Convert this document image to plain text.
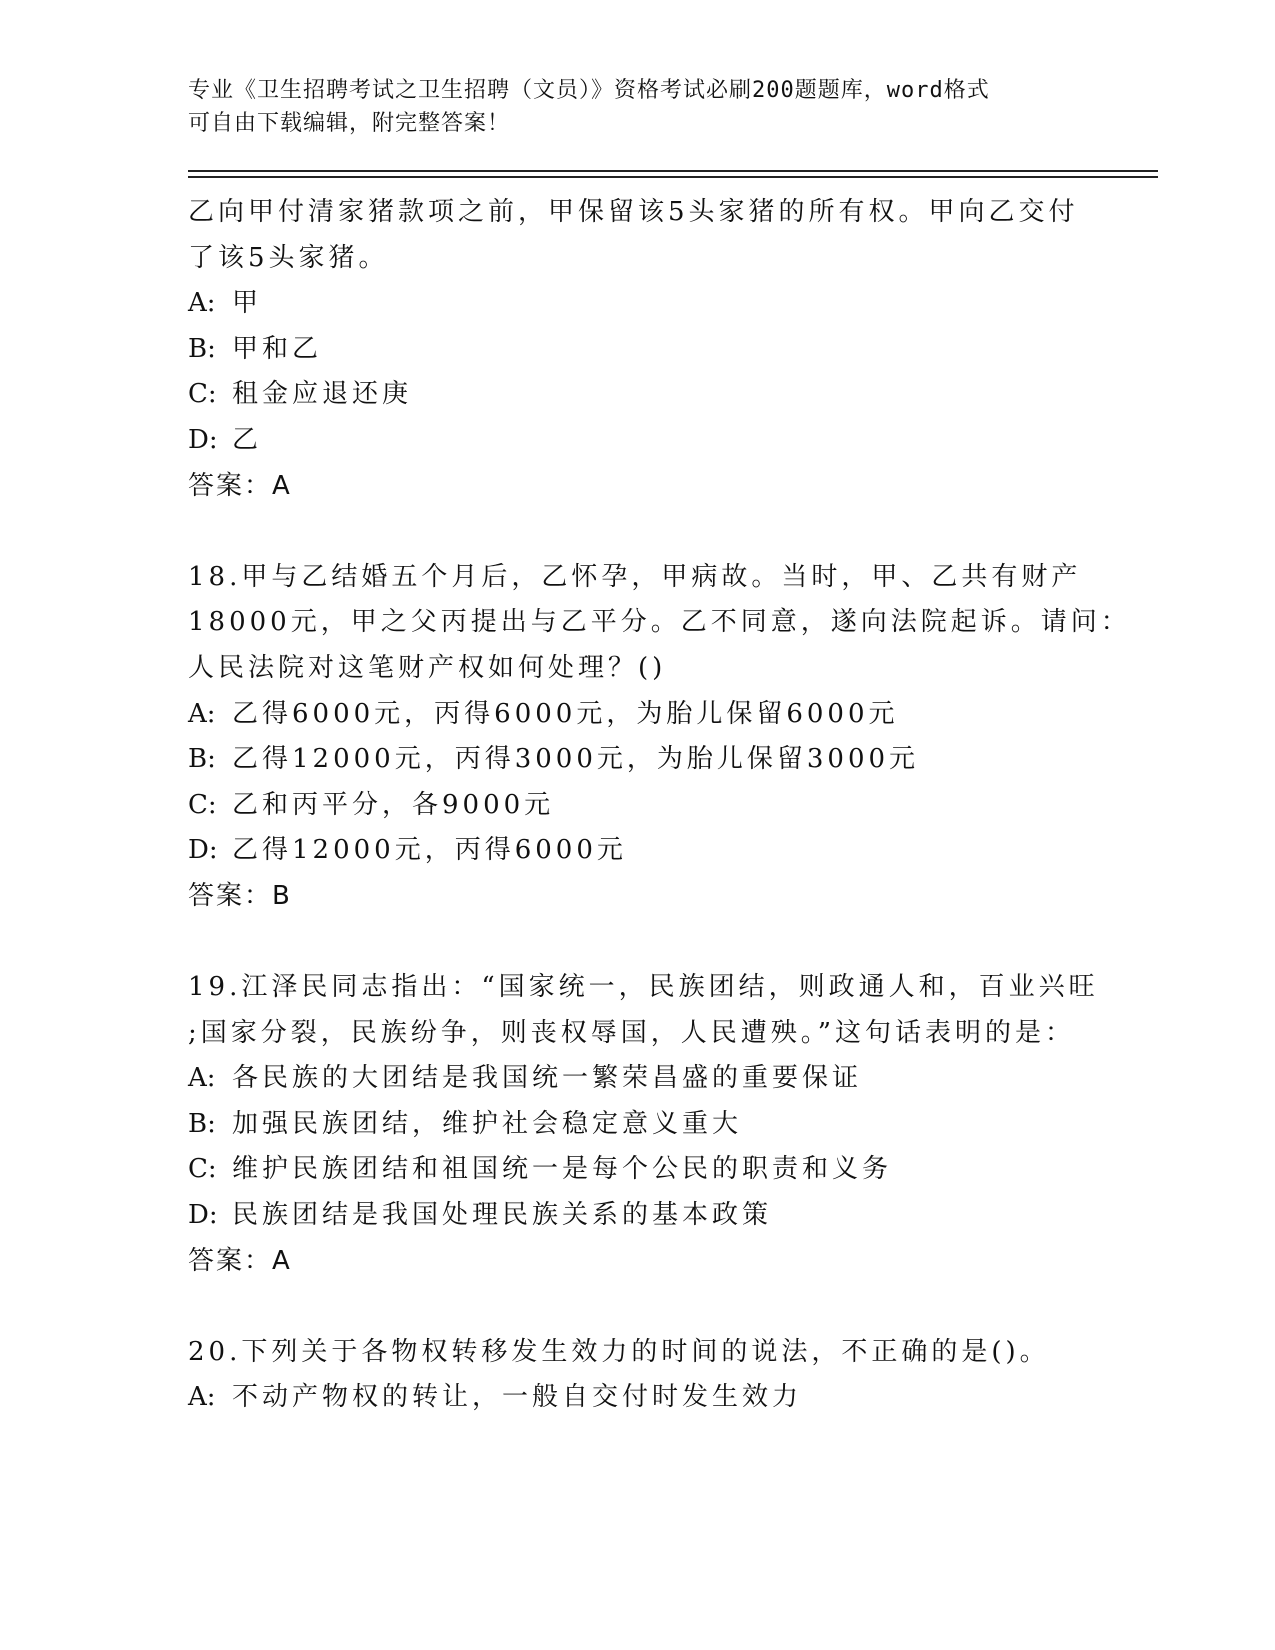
专业《卫生招聘考试之卫生招聘（文员）》资格考试必刷200题题库，word格式
可自由下载编辑，附完整答案！
乙向甲付清家猪款项之前，甲保留该5头家猪的所有权。甲向乙交付
了该5头家猪。
A: 甲
B: 甲和乙
C: 租金应退还庚
D: 乙
答案：A
18.甲与乙结婚五个月后，乙怀孕，甲病故。当时，甲、乙共有财产
18000元，甲之父丙提出与乙平分。乙不同意，遂向法院起诉。请问：
人民法院对这笔财产权如何处理？()
A: 乙得6000元，丙得6000元，为胎儿保留6000元
B: 乙得12000元，丙得3000元，为胎儿保留3000元
C: 乙和丙平分，各9000元
D: 乙得12000元，丙得6000元
答案：B
19.江泽民同志指出：“国家统一，民族团结，则政通人和，百业兴旺
;国家分裂，民族纷争，则丧权辱国，人民遭殃。”这句话表明的是：
A: 各民族的大团结是我国统一繁荣昌盛的重要保证
B: 加强民族团结，维护社会稳定意义重大
C: 维护民族团结和祖国统一是每个公民的职责和义务
D: 民族团结是我国处理民族关系的基本政策
答案：A
20.下列关于各物权转移发生效力的时间的说法，不正确的是()。
A: 不动产物权的转让，一般自交付时发生效力
